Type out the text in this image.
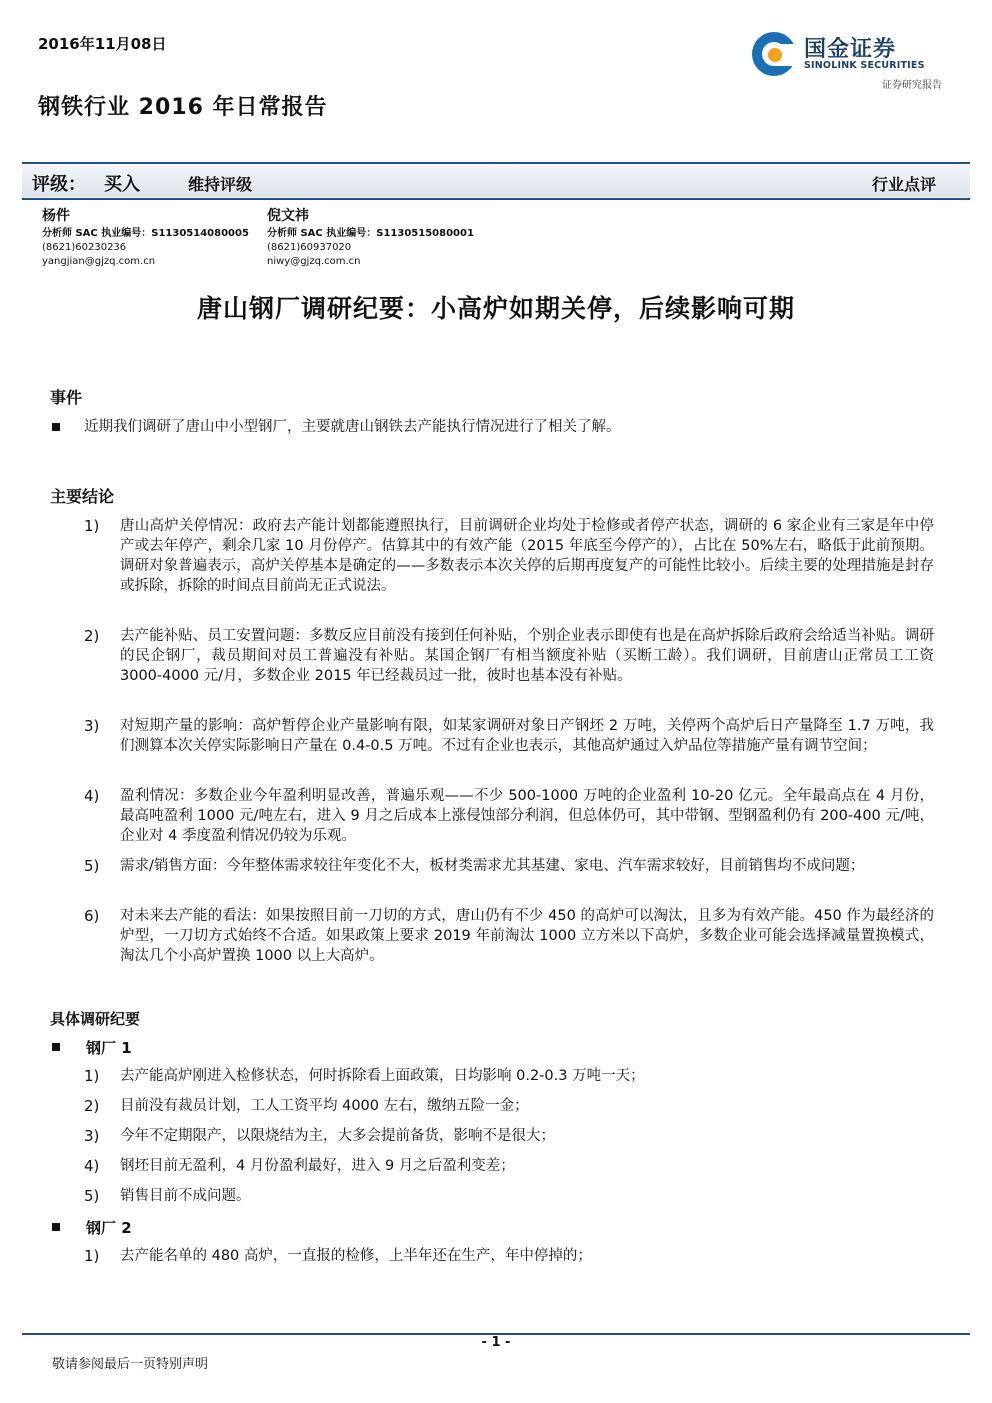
2016年11月08日	国金证券
SINOLINK SECURITIES
证券研究报告
钢铁行业 2016 年日常报告
评级： 买入	维持评级	行业点评
杨件
分析师 SAC 执业编号：S1130514080005
(8621)60230236
yangjian@gjzq.com.cn
倪文祎
分析师 SAC 执业编号：S1130515080001
(8621)60937020
niwy@gjzq.com.cn
唐山钢厂调研纪要：小高炉如期关停，后续影响可期
事件
近期我们调研了唐山中小型钢厂，主要就唐山钢铁去产能执行情况进行了相关了解。
主要结论
1) 唐山高炉关停情况：政府去产能计划都能遵照执行，目前调研企业均处于检修或者停产状态，调研的 6 家企业有三家是年中停产或去年停产，剩余几家 10 月份停产。估算其中的有效产能（2015 年底至今停产的），占比在 50%左右，略低于此前预期。调研对象普遍表示，高炉关停基本是确定的——多数表示本次关停的后期再度复产的可能性比较小。后续主要的处理措施是封存或拆除，拆除的时间点目前尚无正式说法。
2) 去产能补贴、员工安置问题：多数反应目前没有接到任何补贴，个别企业表示即使有也是在高炉拆除后政府会给适当补贴。调研的民企钢厂，裁员期间对员工普遍没有补贴。某国企钢厂有相当额度补贴（买断工龄）。我们调研，目前唐山正常员工工资 3000-4000 元/月，多数企业 2015 年已经裁员过一批，彼时也基本没有补贴。
3) 对短期产量的影响：高炉暂停企业产量影响有限，如某家调研对象日产钢坯 2 万吨，关停两个高炉后日产量降至 1.7 万吨，我们测算本次关停实际影响日产量在 0.4-0.5 万吨。不过有企业也表示，其他高炉通过入炉品位等措施产量有调节空间；
4) 盈利情况：多数企业今年盈利明显改善，普遍乐观——不少 500-1000 万吨的企业盈利 10-20 亿元。全年最高点在 4 月份，最高吨盈利 1000 元/吨左右，进入 9 月之后成本上涨侵蚀部分利润，但总体仍可，其中带钢、型钢盈利仍有 200-400 元/吨，企业对 4 季度盈利情况仍较为乐观。
5) 需求/销售方面：今年整体需求较往年变化不大，板材类需求尤其基建、家电、汽车需求较好，目前销售均不成问题；
6) 对未来去产能的看法：如果按照目前一刀切的方式，唐山仍有不少 450 的高炉可以淘汰，且多为有效产能。450 作为最经济的炉型，一刀切方式始终不合适。如果政策上要求 2019 年前淘汰 1000 立方米以下高炉，多数企业可能会选择减量置换模式，淘汰几个小高炉置换 1000 以上大高炉。
具体调研纪要
钢厂 1
1) 去产能高炉刚进入检修状态，何时拆除看上面政策，日均影响 0.2-0.3 万吨一天；
2) 目前没有裁员计划，工人工资平均 4000 左右，缴纳五险一金；
3) 今年不定期限产，以限烧结为主，大多会提前备货，影响不是很大；
4) 钢坯目前无盈利，4 月份盈利最好，进入 9 月之后盈利变差；
5) 销售目前不成问题。
钢厂 2
1) 去产能名单的 480 高炉，一直报的检修，上半年还在生产，年中停掉的；
- 1 -
敬请参阅最后一页特别声明
